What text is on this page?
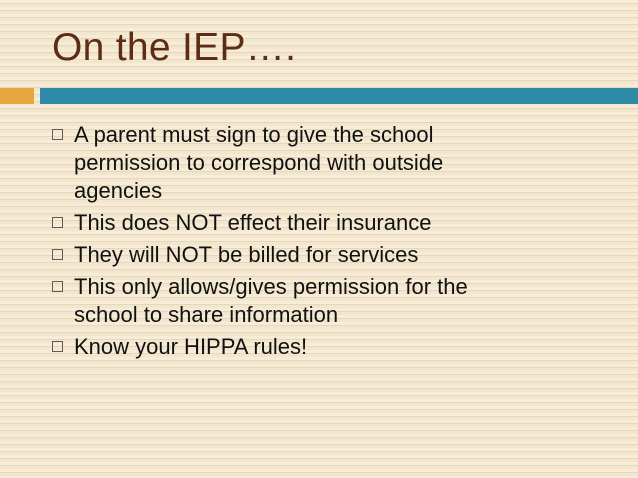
On the IEP….
A parent must sign to give the school
permission to correspond with outside
agencies
This does NOT effect their insurance
They will NOT be billed for services
This only allows/gives permission for the
school to share information
Know your HIPPA rules!
